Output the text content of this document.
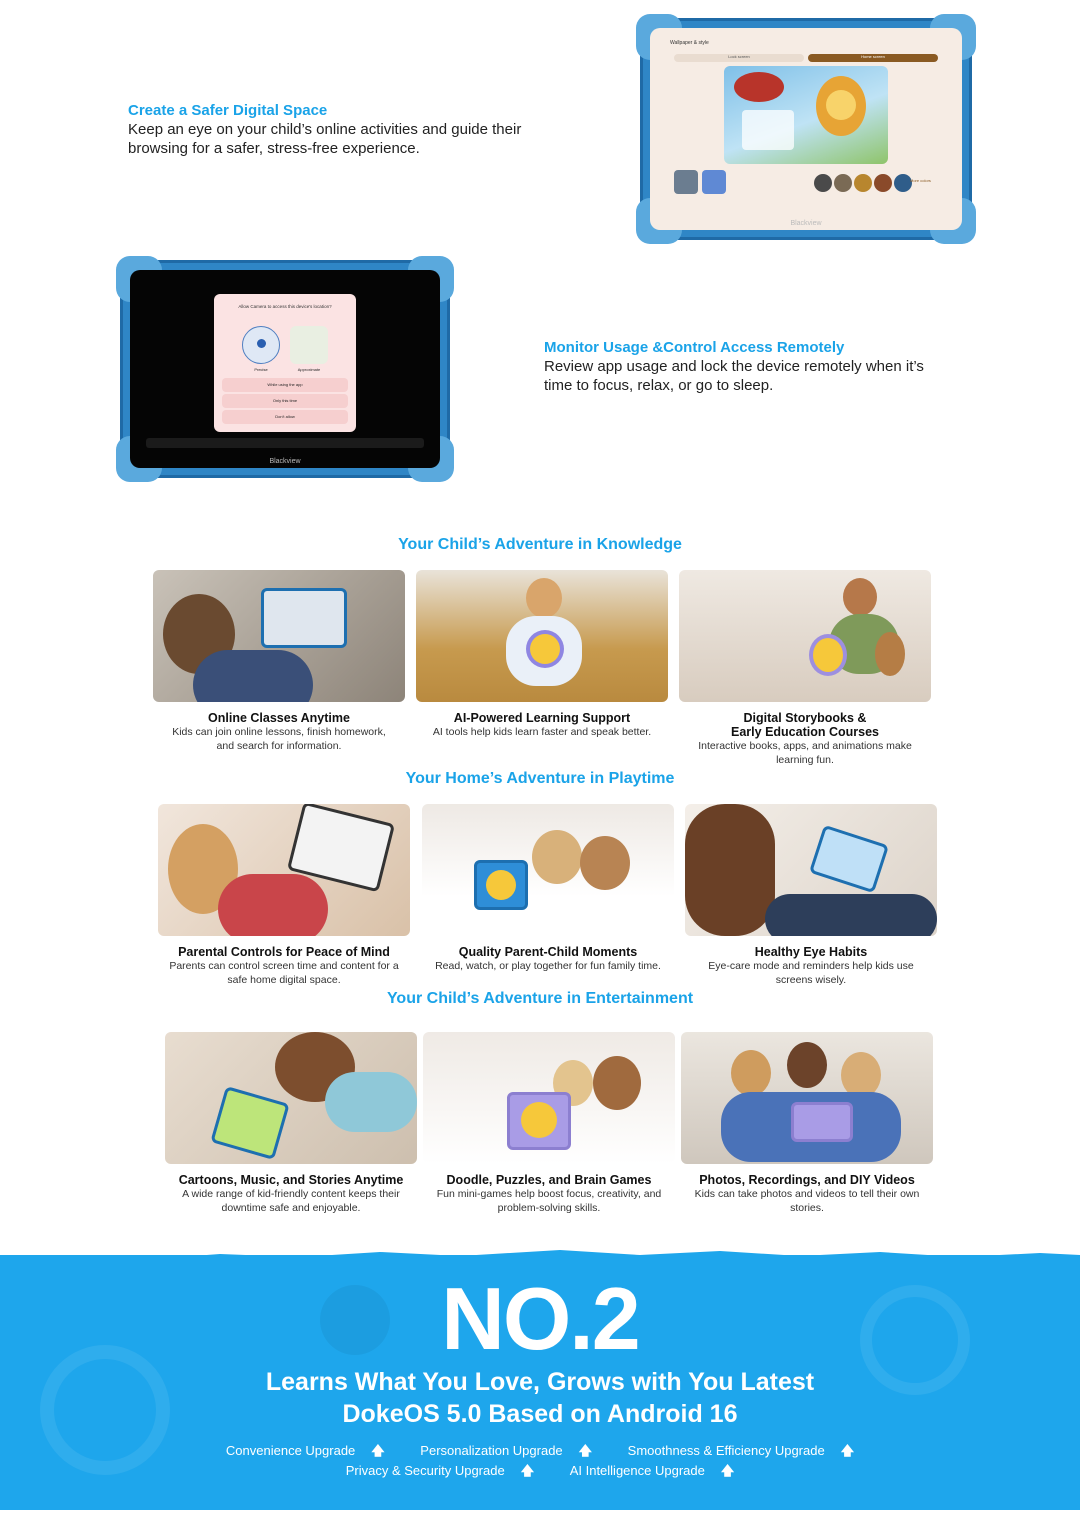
Create a Safer Digital Space
Keep an eye on your child’s online activities and guide their
browsing for a safer, stress-free experience.
Wallpaper & style
Lock screen	Home screen
More colors
Blackview
Allow Camera to access this device's location?
Precise	Approximate
While using the app
Only this time
Don't allow
Blackview
Monitor Usage &Control Access Remotely
Review app usage and lock the device remotely when it’s
time to focus, relax, or go to sleep.
Your Child’s Adventure in Knowledge
Online Classes Anytime
Kids can join online lessons, finish homework,
and search for information.
AI-Powered Learning Support
AI tools help kids learn faster and speak better.
Digital Storybooks &
Early Education Courses
Interactive books, apps, and animations make
learning fun.
Your Home’s Adventure in Playtime
Parental Controls for Peace of Mind
Parents can control screen time and content for a
safe home digital space.
Quality Parent-Child Moments
Read, watch, or play together for fun family time.
Healthy Eye Habits
Eye-care mode and reminders help kids use
screens wisely.
Your Child’s Adventure in Entertainment
Cartoons, Music, and Stories Anytime
A wide range of kid-friendly content keeps their
downtime safe and enjoyable.
Doodle, Puzzles, and Brain Games
Fun mini-games help boost focus, creativity, and
problem-solving skills.
Photos, Recordings, and DIY Videos
Kids can take photos and videos to tell their own
stories.
NO.2
Learns What You Love, Grows with You Latest
DokeOS 5.0 Based on Android 16
Convenience Upgrade 🡅	Personalization Upgrade 🡅	Smoothness & Efficiency Upgrade 🡅
Privacy & Security Upgrade 🡅	AI Intelligence Upgrade 🡅
